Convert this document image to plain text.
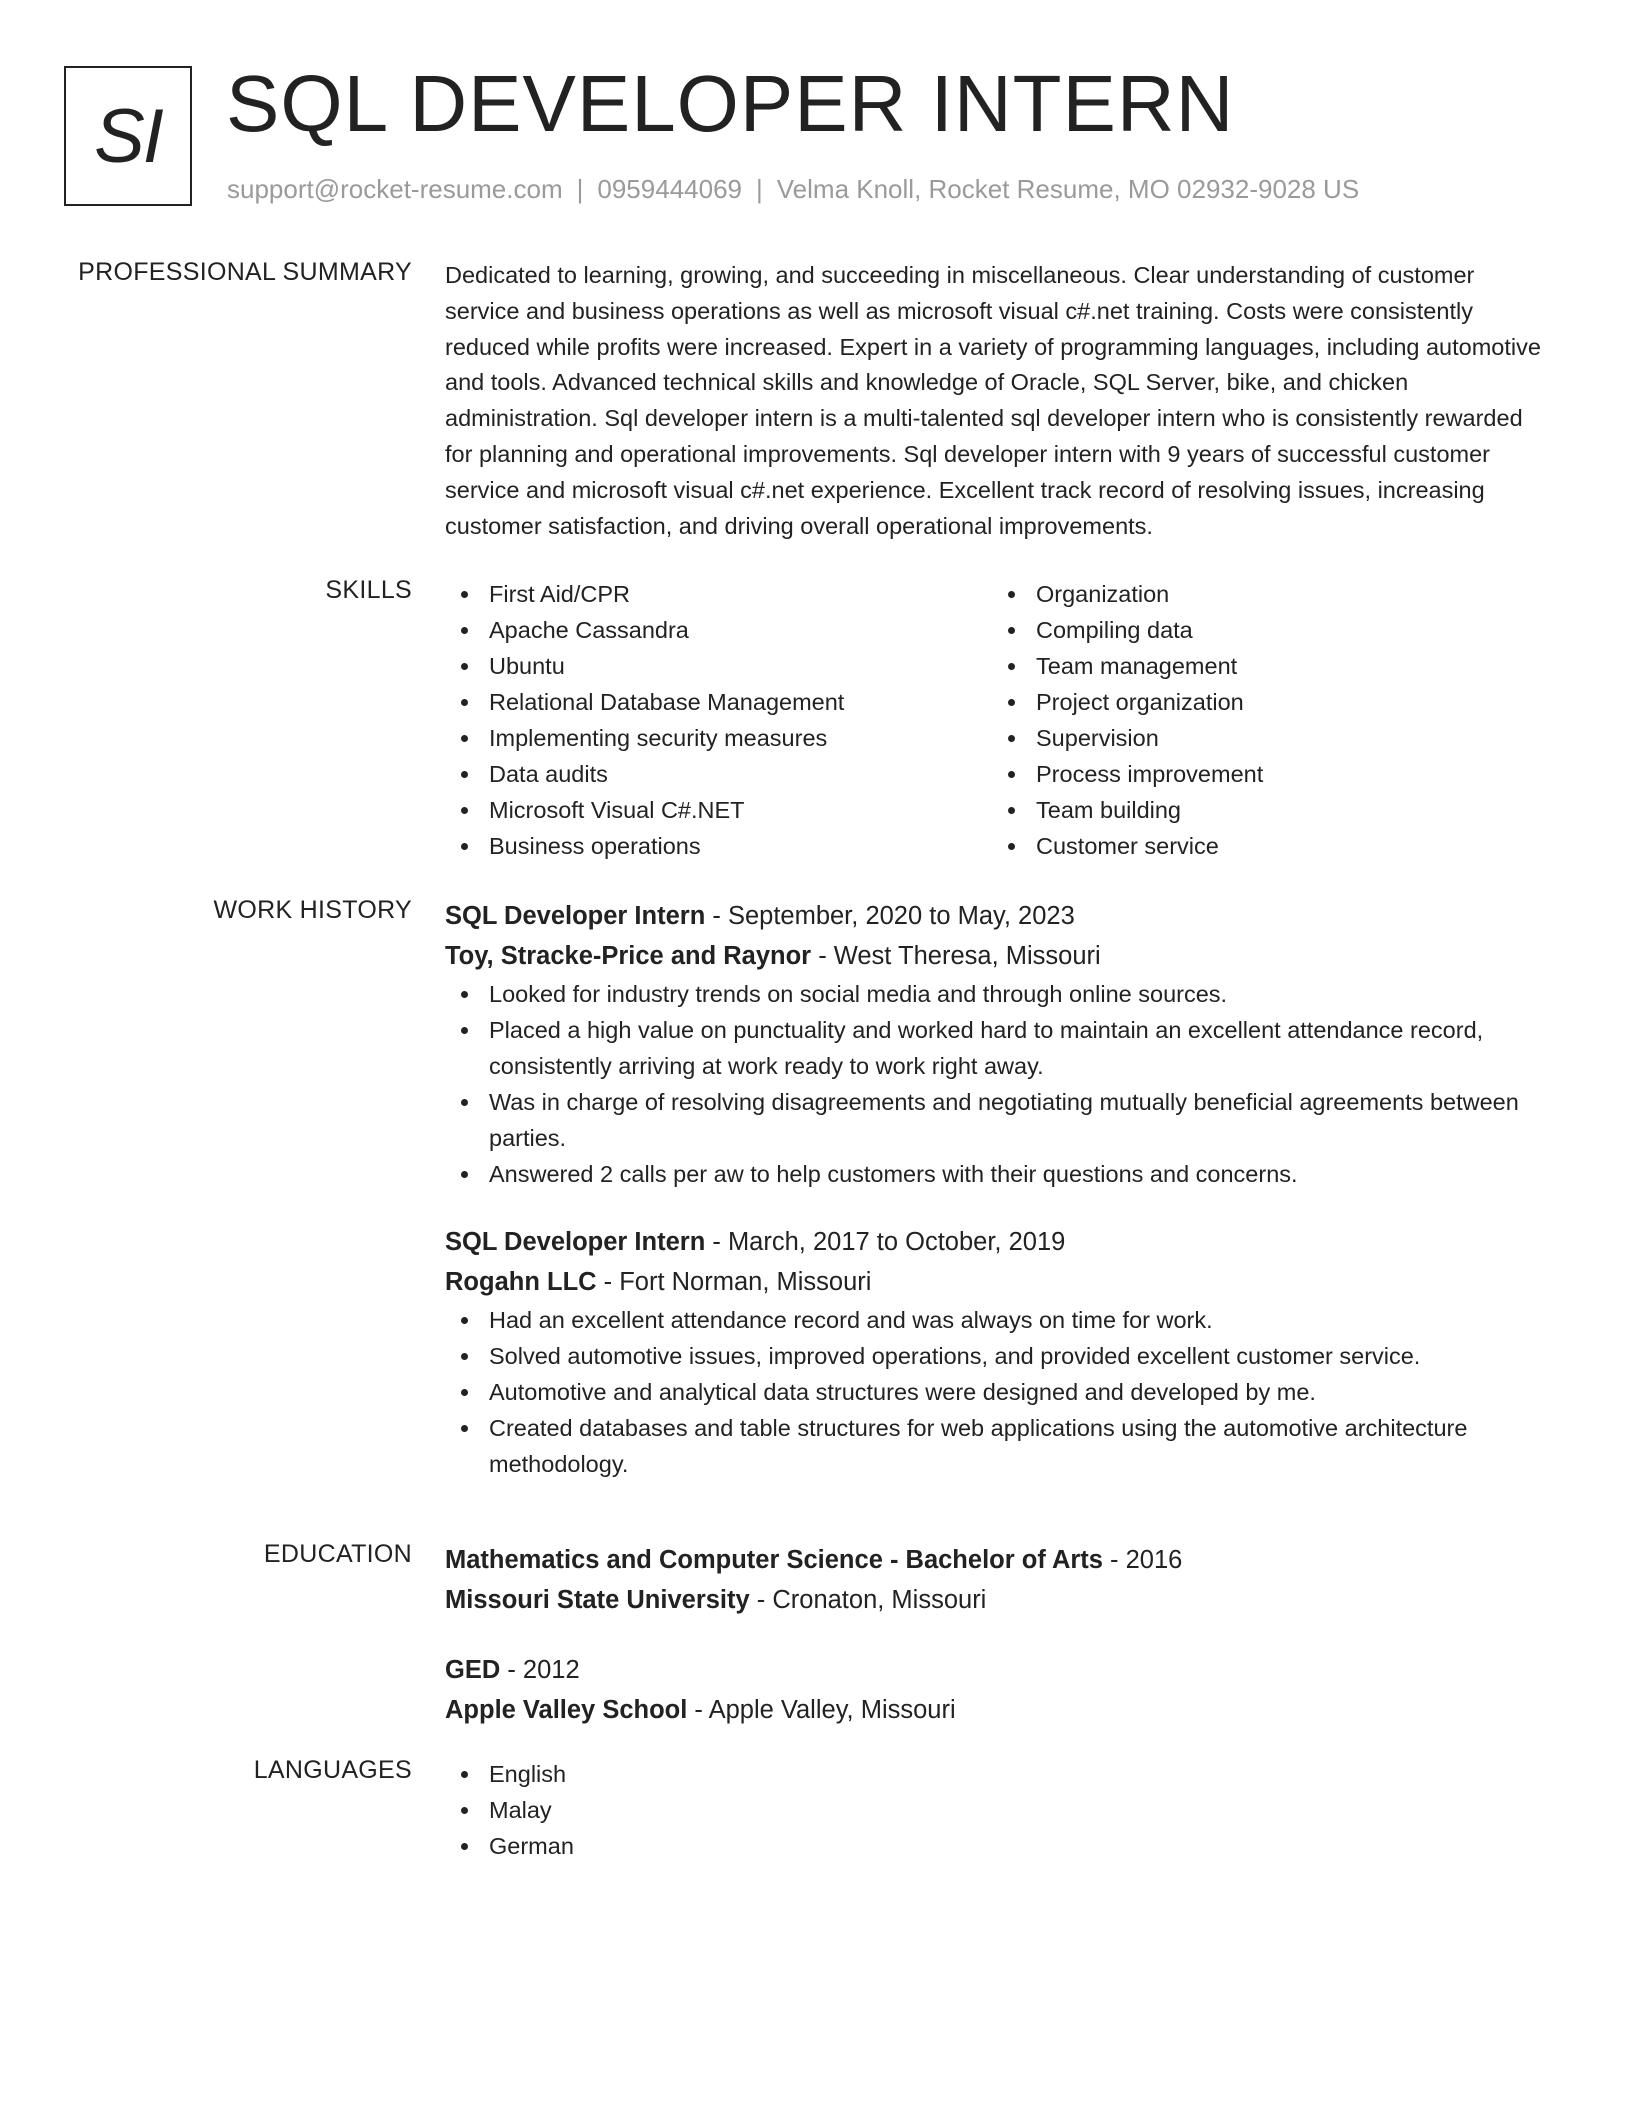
SI SQL DEVELOPER INTERN
support@rocket-resume.com | 0959444069 | Velma Knoll, Rocket Resume, MO 02932-9028 US
PROFESSIONAL SUMMARY Dedicated to learning, growing, and succeeding in miscellaneous. Clear understanding of customer service and business operations as well as microsoft visual c#.net training. Costs were consistently reduced while profits were increased. Expert in a variety of programming languages, including automotive and tools. Advanced technical skills and knowledge of Oracle, SQL Server, bike, and chicken administration. Sql developer intern is a multi-talented sql developer intern who is consistently rewarded for planning and operational improvements. Sql developer intern with 9 years of successful customer service and microsoft visual c#.net experience. Excellent track record of resolving issues, increasing customer satisfaction, and driving overall operational improvements.

SKILLS	First Aid/CPR
Apache Cassandra
Ubuntu
Relational Database Management
Implementing security measures
Data audits
Microsoft Visual C#.NET
Business operations
Organization
Compiling data
Team management
Project organization
Supervision
Process improvement
Team building
Customer service
WORK HISTORY SQL Developer Intern - September, 2020 to May, 2023
Toy, Stracke-Price and Raynor - West Theresa, Missouri
Looked for industry trends on social media and through online sources.
Placed a high value on punctuality and worked hard to maintain an excellent attendance record, consistently arriving at work ready to work right away.
Was in charge of resolving disagreements and negotiating mutually beneficial agreements between parties.
Answered 2 calls per aw to help customers with their questions and concerns.
SQL Developer Intern - March, 2017 to October, 2019
Rogahn LLC - Fort Norman, Missouri
Had an excellent attendance record and was always on time for work.
Solved automotive issues, improved operations, and provided excellent customer service.
Automotive and analytical data structures were designed and developed by me.
Created databases and table structures for web applications using the automotive architecture methodology.
EDUCATION Mathematics and Computer Science - Bachelor of Arts - 2016
Missouri State University - Cronaton, Missouri
GED - 2012
Apple Valley School - Apple Valley, Missouri
LANGUAGES	English
Malay
German
